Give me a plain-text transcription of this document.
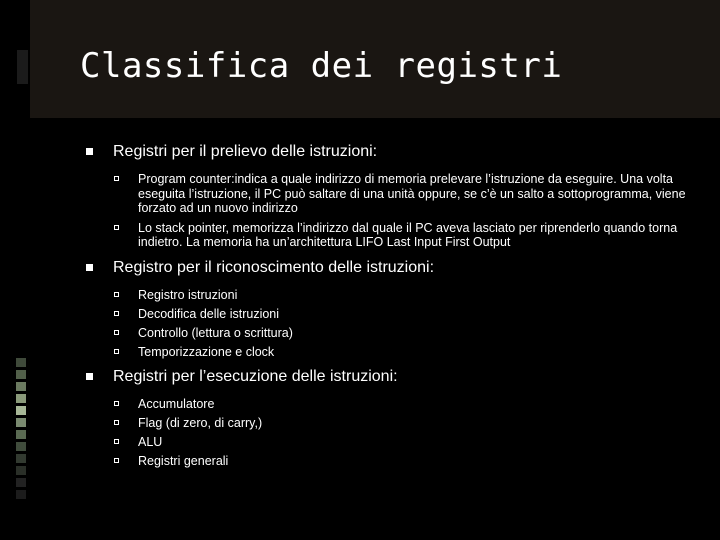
Classifica dei registri
Registri per il prelievo delle istruzioni:
Program counter:indica a quale indirizzo di memoria prelevare l’istruzione da eseguire. Una volta eseguita l’istruzione, il PC può saltare di una unità oppure, se c’è un salto a sottoprogramma, viene forzato ad un nuovo indirizzo
Lo stack pointer, memorizza l’indirizzo dal quale il PC aveva lasciato per riprenderlo quando torna indietro. La memoria ha un’architettura LIFO Last Input First Output
Registro per il riconoscimento delle istruzioni:
Registro istruzioni
Decodifica delle istruzioni
Controllo (lettura o scrittura)
Temporizzazione e clock
Registri per l’esecuzione delle istruzioni:
Accumulatore
Flag (di zero, di carry,)
ALU
Registri generali
